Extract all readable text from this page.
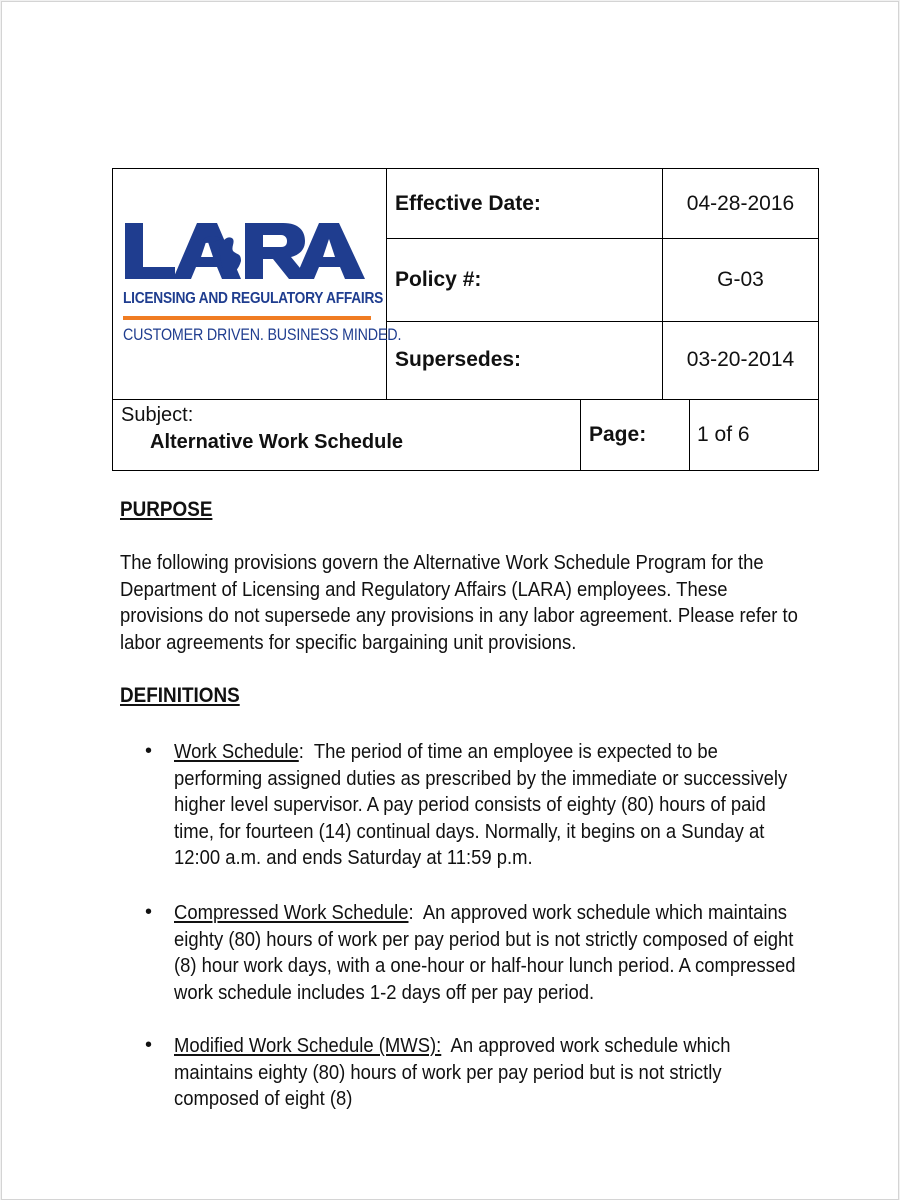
LICENSING AND REGULATORY AFFAIRS
CUSTOMER DRIVEN. BUSINESS MINDED.	Effective Date:	04-28-2016
	Policy #:	G-03
	Supersedes:	03-20-2014

Subject:
Alternative Work Schedule Page: 1 of 6		
PURPOSE
The following provisions govern the Alternative Work Schedule Program for the Department of Licensing and Regulatory Affairs (LARA) employees. These provisions do not supersede any provisions in any labor agreement. Please refer to labor agreements for specific bargaining unit provisions.
DEFINITIONS
• Work Schedule:  The period of time an employee is expected to be performing assigned duties as prescribed by the immediate or successively higher level supervisor. A pay period consists of eighty (80) hours of paid time, for fourteen (14) continual days. Normally, it begins on a Sunday at 12:00 a.m. and ends Saturday at 11:59 p.m.
• Compressed Work Schedule:  An approved work schedule which maintains eighty (80) hours of work per pay period but is not strictly composed of eight (8) hour work days, with a one-hour or half-hour lunch period. A compressed work schedule includes 1-2 days off per pay period.
• Modified Work Schedule (MWS): An approved work schedule which maintains eighty (80) hours of work per pay period but is not strictly composed of eight (8)
